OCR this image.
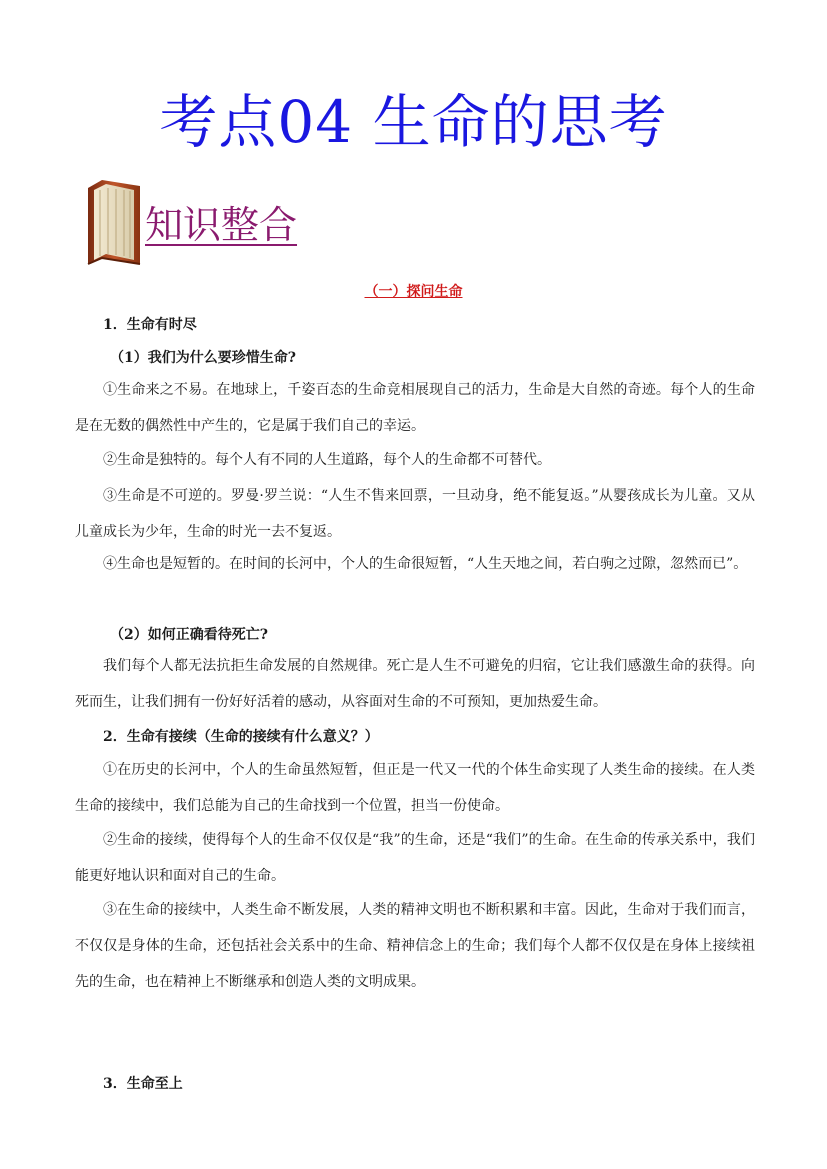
考点04 生命的思考
知识整合
（一）探问生命
1．生命有时尽
（1）我们为什么要珍惜生命?
①生命来之不易。在地球上，千姿百态的生命竞相展现自己的活力，生命是大自然的奇迹。每个人的生命是在无数的偶然性中产生的，它是属于我们自己的幸运。
②生命是独特的。每个人有不同的人生道路，每个人的生命都不可替代。
③生命是不可逆的。罗曼·罗兰说：“人生不售来回票，一旦动身，绝不能复返。”从婴孩成长为儿童。又从儿童成长为少年，生命的时光一去不复返。
④生命也是短暂的。在时间的长河中，个人的生命很短暂，“人生天地之间，若白驹之过隙，忽然而已”。
（2）如何正确看待死亡?
我们每个人都无法抗拒生命发展的自然规律。死亡是人生不可避免的归宿，它让我们感激生命的获得。向死而生，让我们拥有一份好好活着的感动，从容面对生命的不可预知，更加热爱生命。
2．生命有接续（生命的接续有什么意义？）
①在历史的长河中，个人的生命虽然短暂，但正是一代又一代的个体生命实现了人类生命的接续。在人类生命的接续中，我们总能为自己的生命找到一个位置，担当一份使命。
②生命的接续，使得每个人的生命不仅仅是“我”的生命，还是“我们”的生命。在生命的传承关系中，我们能更好地认识和面对自己的生命。
③在生命的接续中，人类生命不断发展，人类的精神文明也不断积累和丰富。因此，生命对于我们而言，不仅仅是身体的生命，还包括社会关系中的生命、精神信念上的生命；我们每个人都不仅仅是在身体上接续祖先的生命，也在精神上不断继承和创造人类的文明成果。
3．生命至上
